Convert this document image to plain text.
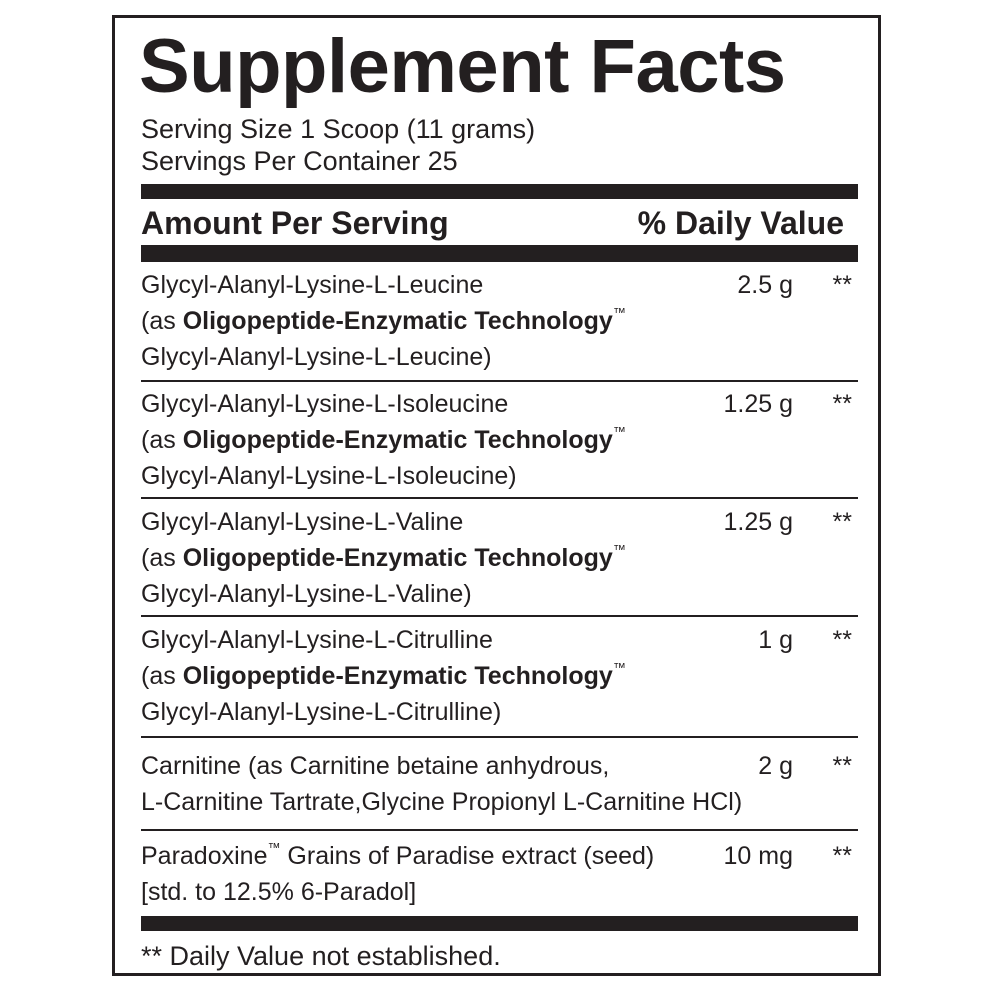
Supplement Facts
Serving Size 1 Scoop (11 grams)
Servings Per Container 25
Amount Per Serving	% Daily Value
Glycyl-Alanyl-Lysine-L-Leucine
(as Oligopeptide-Enzymatic Technology™
Glycyl-Alanyl-Lysine-L-Leucine)
2.5 g **
Glycyl-Alanyl-Lysine-L-Isoleucine
(as Oligopeptide-Enzymatic Technology™
Glycyl-Alanyl-Lysine-L-Isoleucine)
1.25 g **
Glycyl-Alanyl-Lysine-L-Valine
(as Oligopeptide-Enzymatic Technology™
Glycyl-Alanyl-Lysine-L-Valine)
1.25 g **
Glycyl-Alanyl-Lysine-L-Citrulline
(as Oligopeptide-Enzymatic Technology™
Glycyl-Alanyl-Lysine-L-Citrulline)
1 g **
Carnitine (as Carnitine betaine anhydrous,
L-Carnitine Tartrate,Glycine Propionyl L-Carnitine HCl)
2 g **
Paradoxine™ Grains of Paradise extract (seed)
[std. to 12.5% 6-Paradol]
10 mg **
** Daily Value not established.
